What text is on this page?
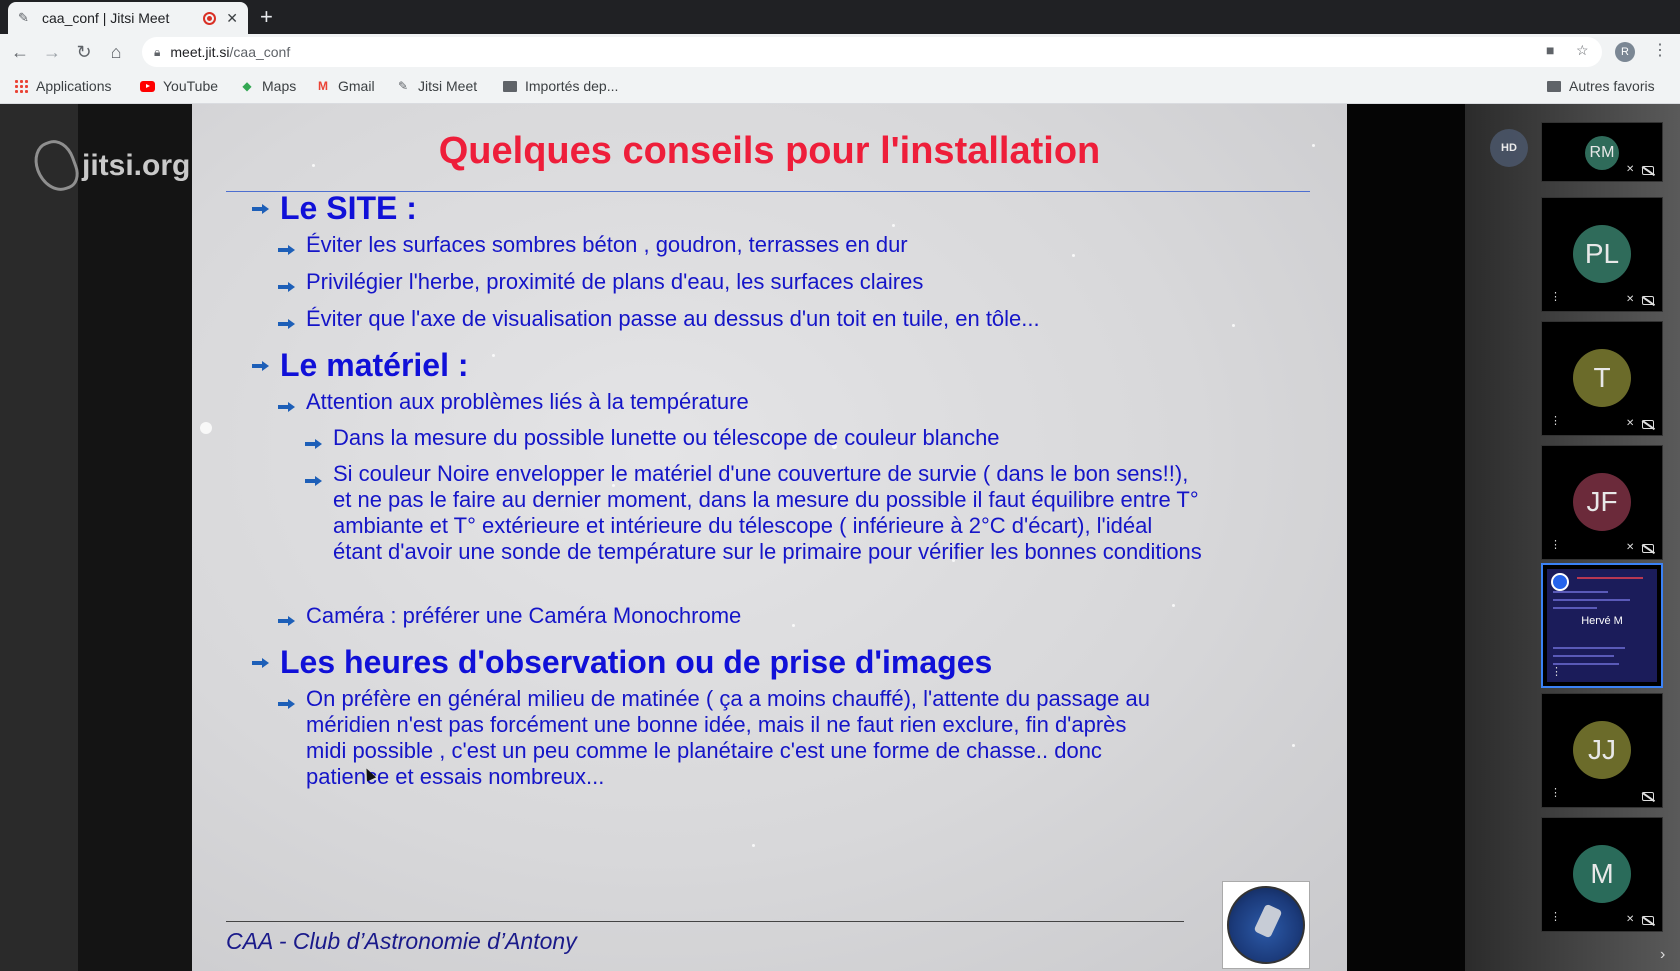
✎ caa_conf | Jitsi Meet	✕ +
← → ↻	⌂	🔒︎ meet.jit.si /caa_conf	■ ☆	R	⋮
Applications	YouTube ◆ Maps M Gmail ✎ Jitsi Meet	Importés dep...	Autres favoris
Quelques conseils pour l'installation
Le SITE :
Éviter les surfaces sombres béton , goudron, terrasses en dur
Privilégier l'herbe, proximité de plans d'eau, les surfaces claires
Éviter que l'axe de visualisation passe au dessus d'un toit en tuile, en tôle...
Le matériel :
Attention aux problèmes liés à la température
Dans la mesure du possible lunette ou télescope de couleur blanche
Si couleur Noire envelopper le matériel d'une couverture de survie ( dans le bon sens!!), et ne pas le faire au dernier moment, dans la mesure du possible il faut équilibre entre T° ambiante et T° extérieure et intérieure du télescope ( inférieure à 2°C d'écart), l'idéal étant d'avoir une sonde de température sur le primaire pour vérifier les bonnes conditions
Caméra : préférer une Caméra Monochrome
Les heures d'observation ou de prise d'images
On préfère en général milieu de matinée ( ça a moins chauffé), l'attente du passage au méridien n'est pas forcément une bonne idée, mais il ne faut rien exclure, fin d'après midi possible , c'est un peu comme le planétaire c'est une forme de chasse.. donc patience et essais nombreux...
CAA - Club d’Astronomie d’Antony
jitsi.org
HD	RM
✕
PL
⋮	✕
T
⋮	✕
JF
⋮	✕
Hervé M
⋮
JJ
⋮
M
⋮	✕
›
